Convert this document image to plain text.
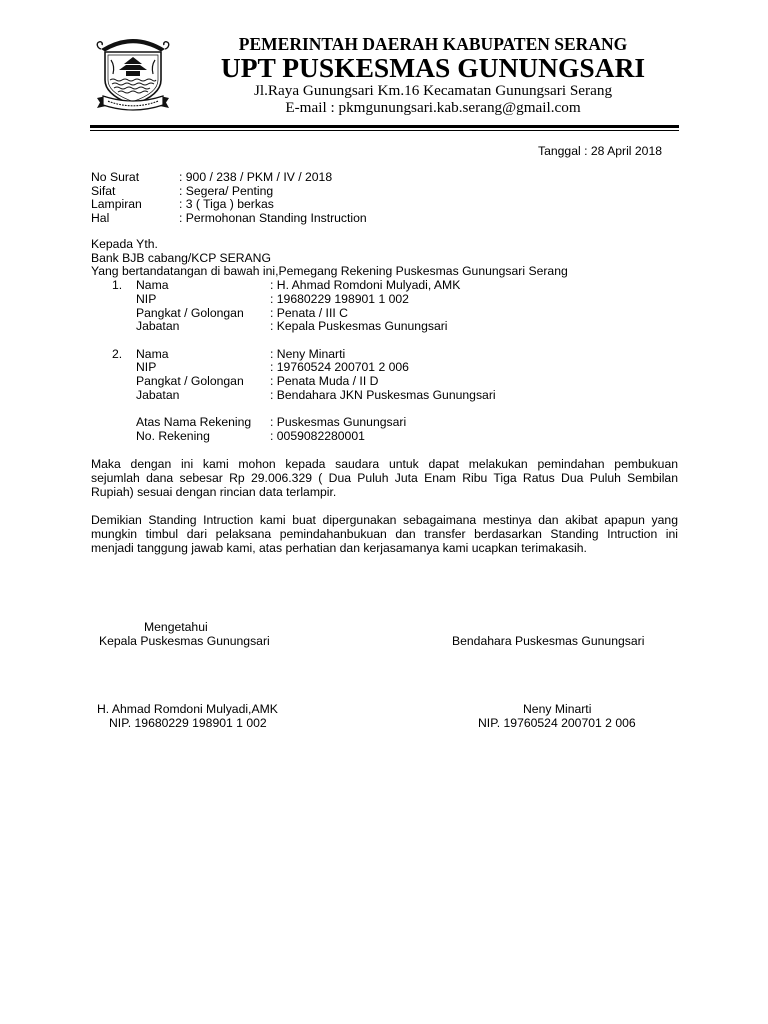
PEMERINTAH DAERAH KABUPATEN SERANG
UPT PUSKESMAS GUNUNGSARI
Jl.Raya Gunungsari Km.16 Kecamatan Gunungsari Serang
E-mail : pkmgunungsari.kab.serang@gmail.com
Tanggal : 28 April 2018
No Surat	: 900 / 238 / PKM / IV / 2018
Sifat	: Segera/ Penting
Lampiran	: 3 ( Tiga ) berkas
Hal	: Permohonan Standing Instruction
Kepada Yth.
Bank BJB cabang/KCP SERANG
Yang bertandatangan di bawah ini,Pemegang Rekening Puskesmas Gunungsari Serang
1.	Nama	: H. Ahmad Romdoni Mulyadi, AMK
NIP	: 19680229 198901 1 002
Pangkat / Golongan	: Penata / III C
Jabatan	: Kepala Puskesmas Gunungsari
2.	Nama	: Neny Minarti
NIP	: 19760524 200701 2 006
Pangkat / Golongan	: Penata Muda / II D
Jabatan	: Bendahara JKN Puskesmas Gunungsari
Atas Nama Rekening	: Puskesmas Gunungsari
No. Rekening	: 0059082280001
Maka dengan ini kami mohon kepada saudara untuk dapat melakukan pemindahan pembukuan
sejumlah dana sebesar Rp 29.006.329 ( Dua Puluh Juta Enam Ribu Tiga Ratus Dua Puluh Sembilan
Rupiah) sesuai dengan rincian data terlampir.
Demikian Standing Intruction kami buat dipergunakan sebagaimana mestinya dan akibat apapun yang
mungkin timbul dari pelaksana pemindahanbukuan dan transfer berdasarkan Standing Intruction ini
menjadi tanggung jawab kami, atas perhatian dan kerjasamanya kami ucapkan terimakasih.
Mengetahui
Kepala Puskesmas Gunungsari	Bendahara Puskesmas Gunungsari
H. Ahmad Romdoni Mulyadi,AMK
NIP. 19680229 198901 1 002
Neny Minarti
NIP. 19760524 200701 2 006
